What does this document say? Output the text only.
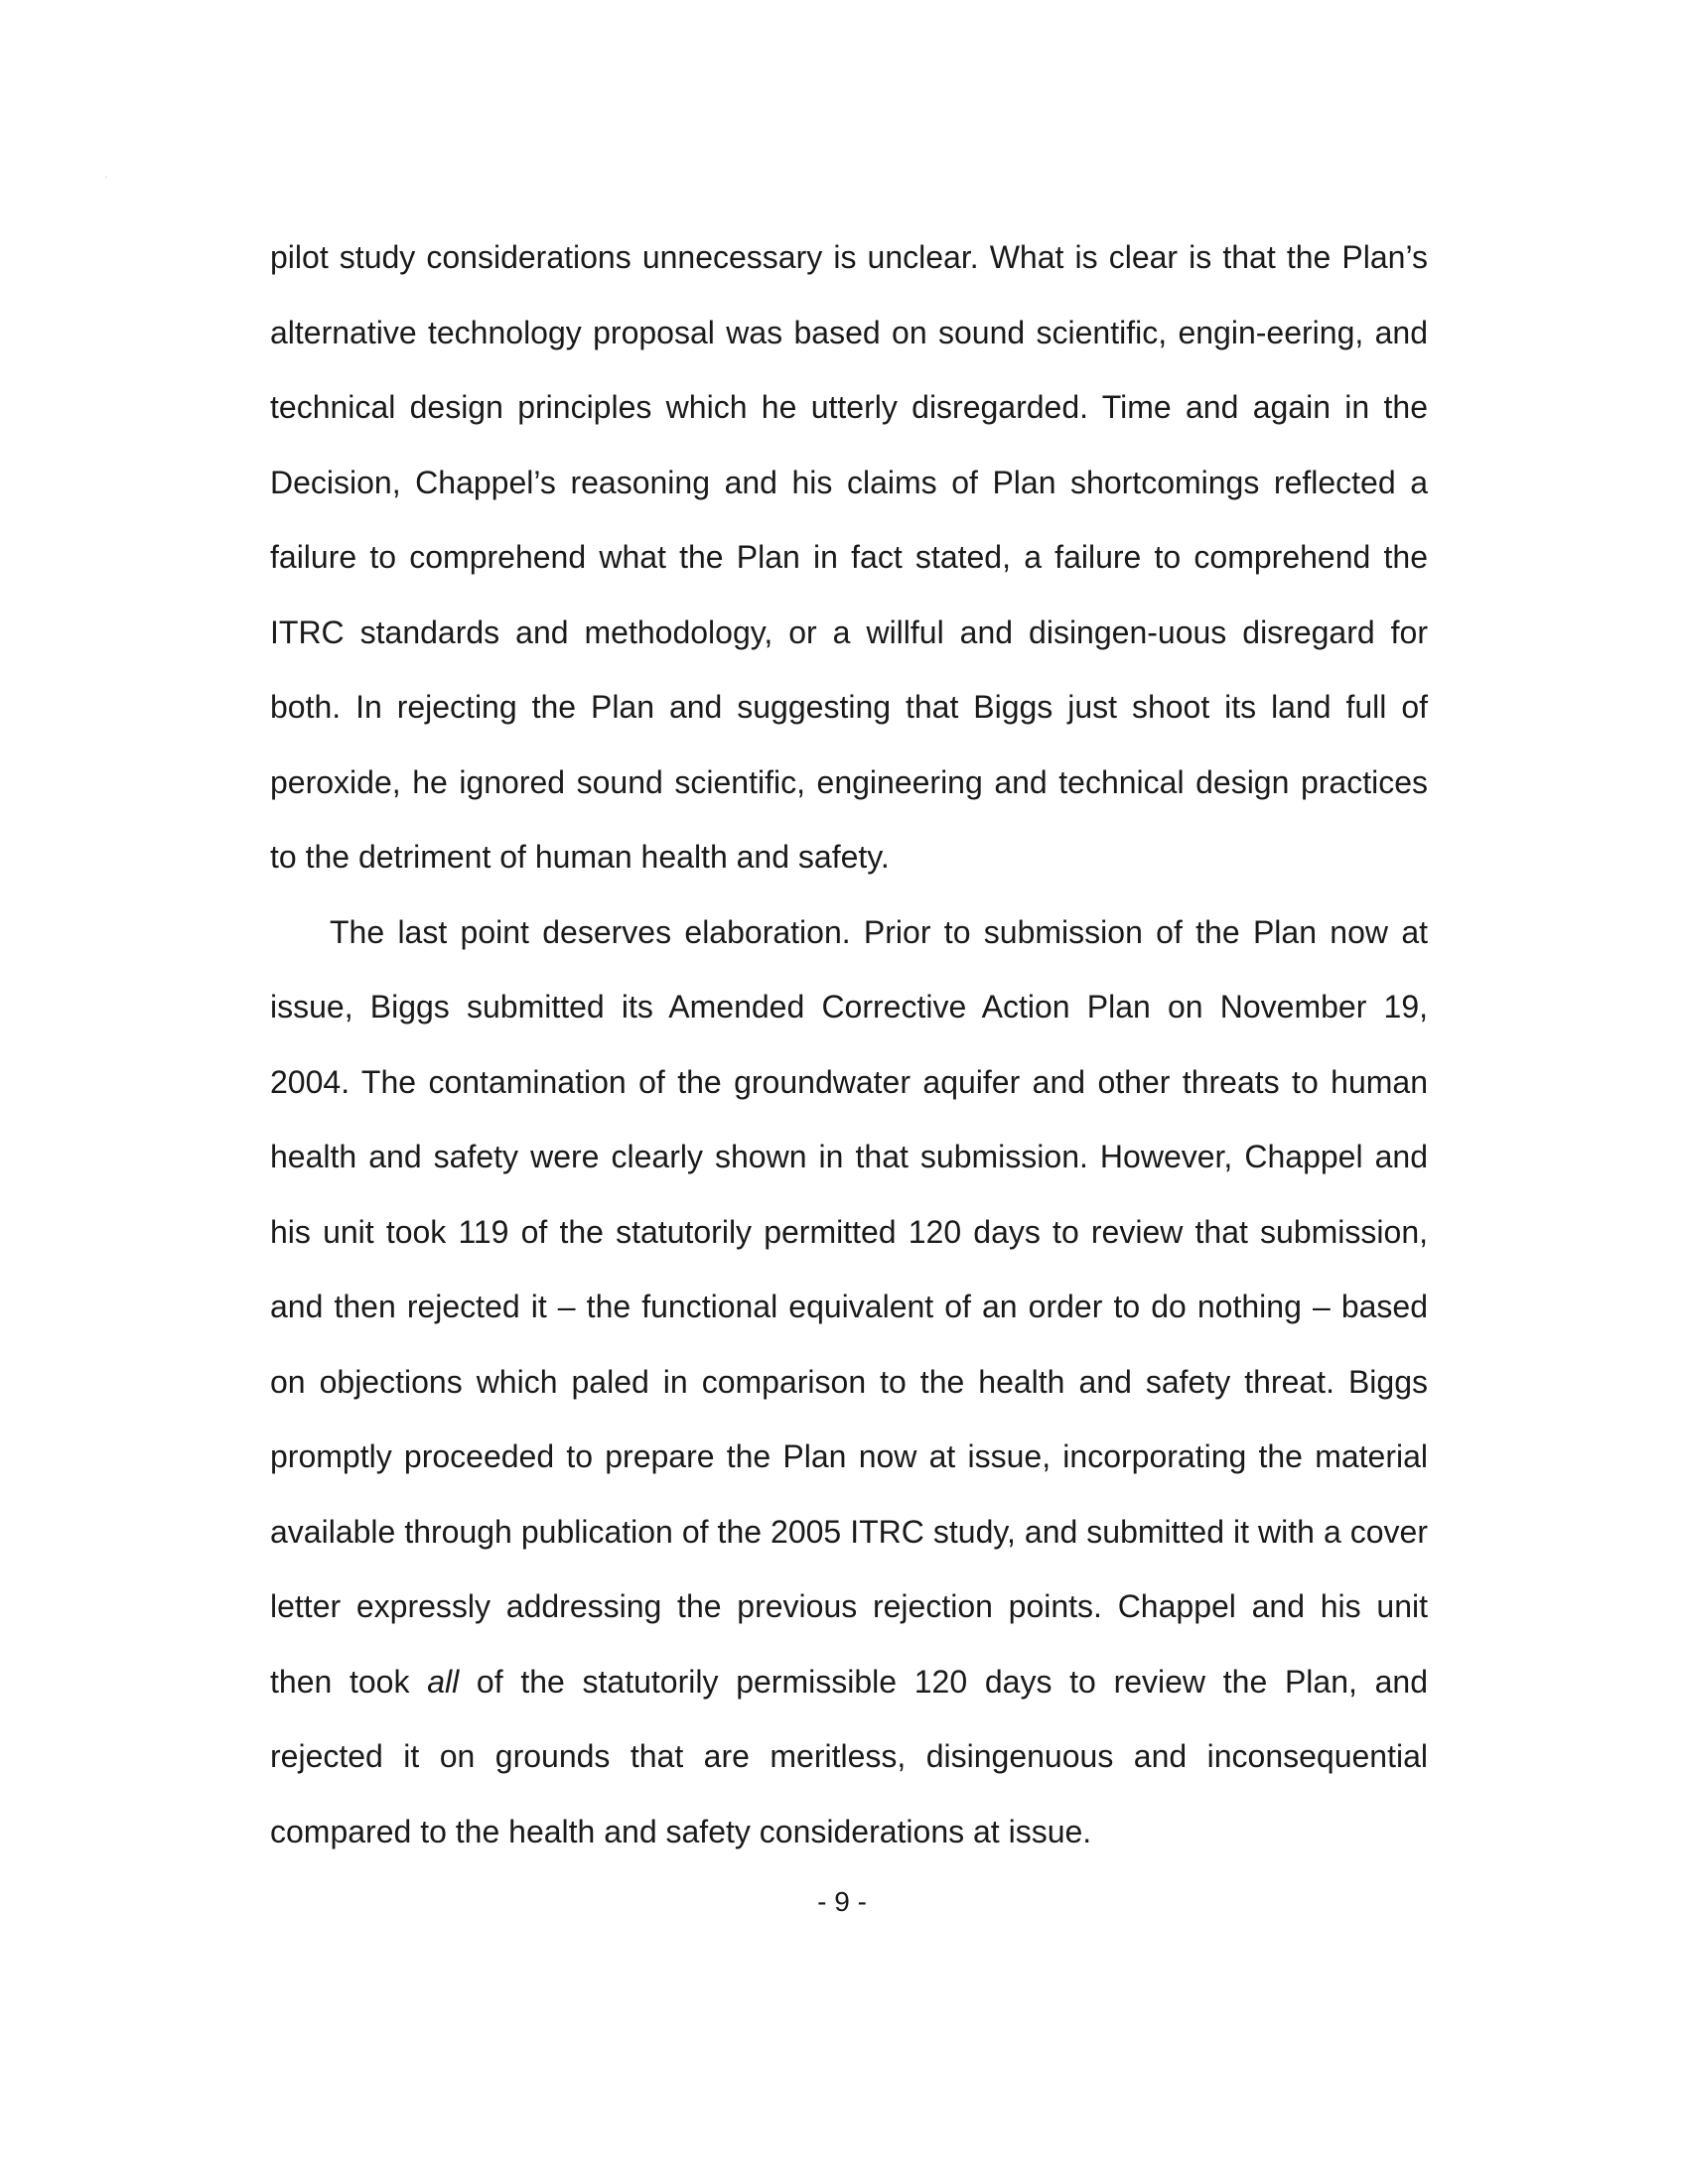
pilot study considerations unnecessary is unclear. What is clear is that the Plan’s alternative technology proposal was based on sound scientific, engin-eering, and technical design principles which he utterly disregarded. Time and again in the Decision, Chappel’s reasoning and his claims of Plan shortcomings reflected a failure to comprehend what the Plan in fact stated, a failure to comprehend the ITRC standards and methodology, or a willful and disingen-uous disregard for both. In rejecting the Plan and suggesting that Biggs just shoot its land full of peroxide, he ignored sound scientific, engineering and technical design practices to the detriment of human health and safety.

The last point deserves elaboration. Prior to submission of the Plan now at issue, Biggs submitted its Amended Corrective Action Plan on November 19, 2004. The contamination of the groundwater aquifer and other threats to human health and safety were clearly shown in that submission. However, Chappel and his unit took 119 of the statutorily permitted 120 days to review that submission, and then rejected it – the functional equivalent of an order to do nothing – based on objections which paled in comparison to the health and safety threat. Biggs promptly proceeded to prepare the Plan now at issue, incorporating the material available through publication of the 2005 ITRC study, and submitted it with a cover letter expressly addressing the previous rejection points. Chappel and his unit then took all of the statutorily permissible 120 days to review the Plan, and rejected it on grounds that are meritless, disingenuous and inconsequential compared to the health and safety considerations at issue.

- 9 -
